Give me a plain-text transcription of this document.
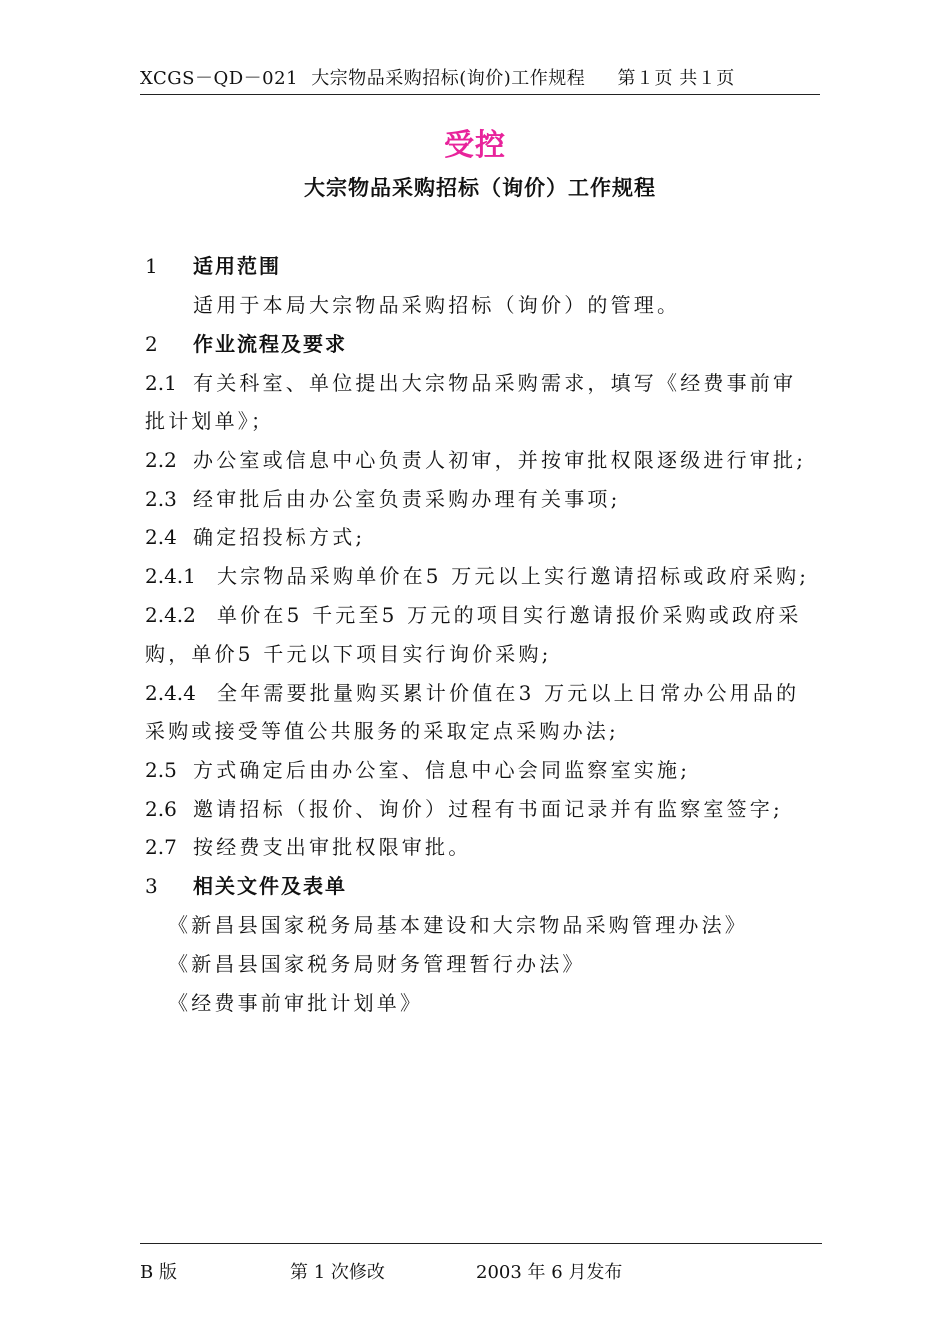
XCGS－QD－021 大宗物品采购招标(询价)工作规程 第１页 共１页
受控
大宗物品采购招标（询价）工作规程
1 适用范围
适用于本局大宗物品采购招标（询价）的管理。
2 作业流程及要求
2.1 有关科室、单位提出大宗物品采购需求，填写《经费事前审
批计划单》；
2.2 办公室或信息中心负责人初审，并按审批权限逐级进行审批;
2.3 经审批后由办公室负责采购办理有关事项;
2.4 确定招投标方式;
2.4.1 大宗物品采购单价在5 万元以上实行邀请招标或政府采购;
2.4.2 单价在5 千元至5 万元的项目实行邀请报价采购或政府采
购，单价5 千元以下项目实行询价采购;
2.4.4 全年需要批量购买累计价值在3 万元以上日常办公用品的
采购或接受等值公共服务的采取定点采购办法;
2.5 方式确定后由办公室、信息中心会同监察室实施;
2.6 邀请招标（报价、询价）过程有书面记录并有监察室签字;
2.7 按经费支出审批权限审批。
3 相关文件及表单
《新昌县国家税务局基本建设和大宗物品采购管理办法》
《新昌县国家税务局财务管理暂行办法》
《经费事前审批计划单》
B 版	第 1 次修改	2003 年 6 月发布
